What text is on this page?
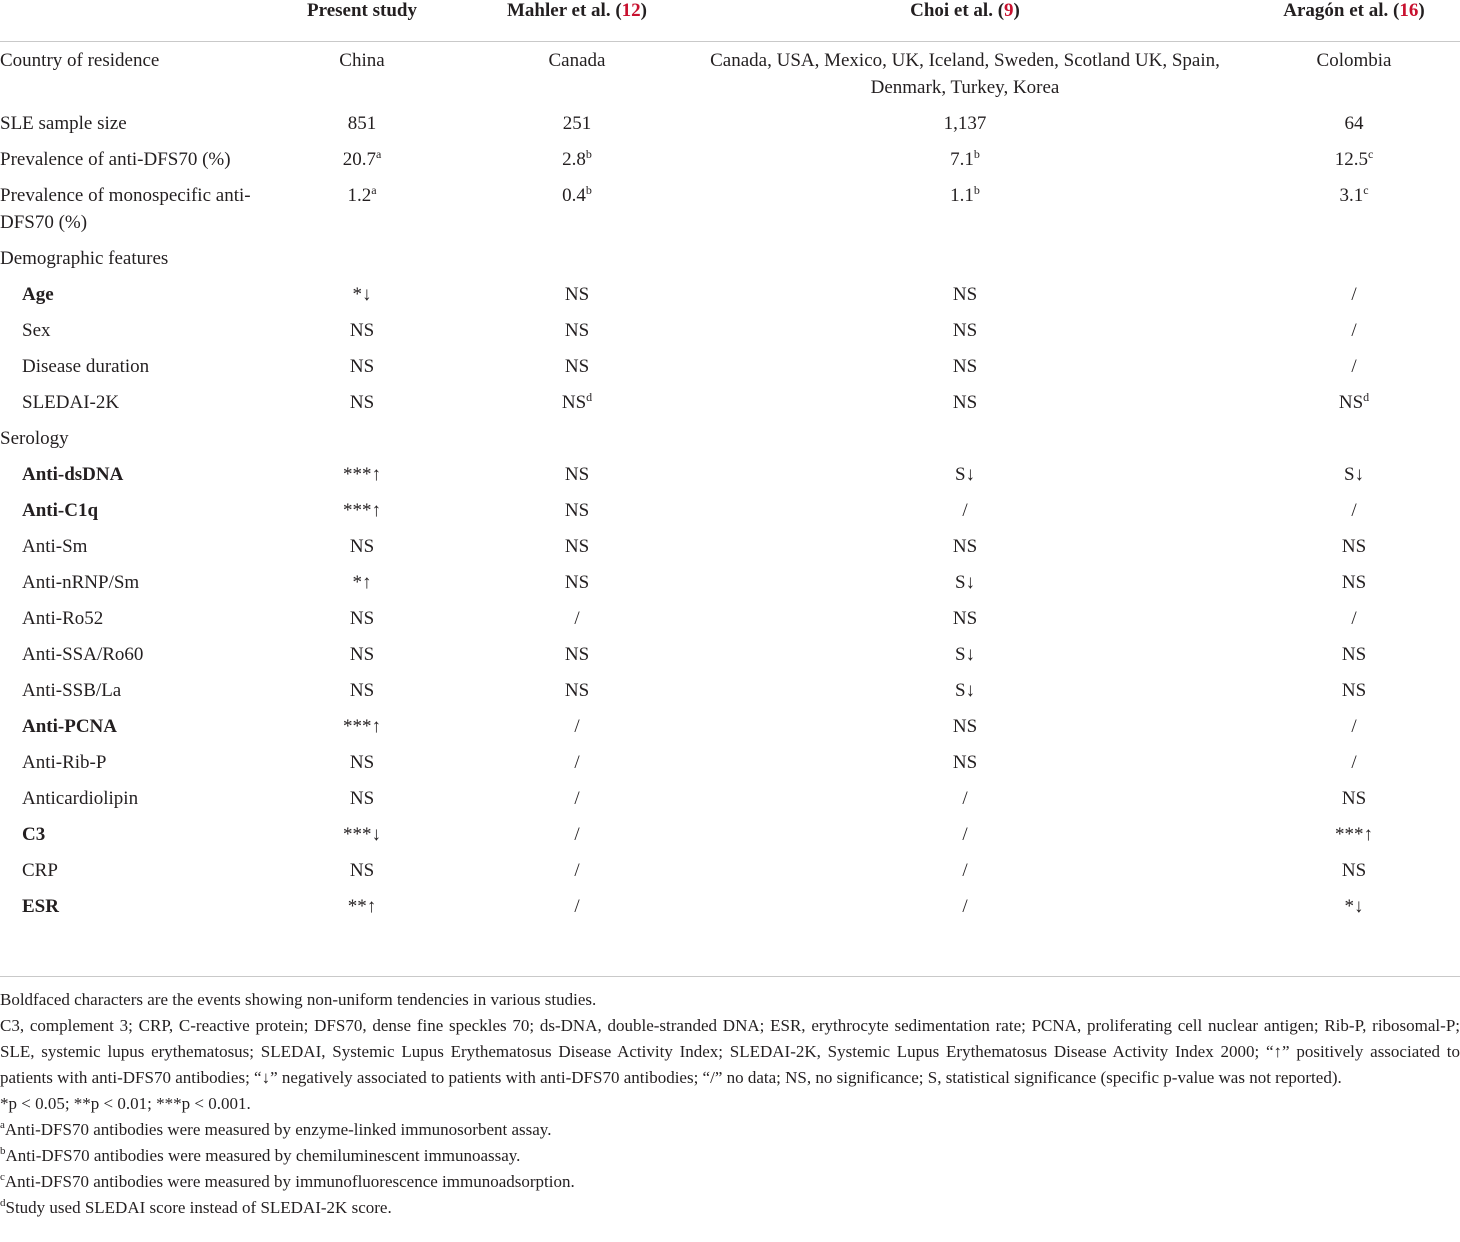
	Present study	Mahler et al. (12)	Choi et al. (9)	Aragón et al. (16)
Country of residence	China	Canada	Canada, USA, Mexico, UK, Iceland, Sweden, Scotland UK, Spain, Denmark, Turkey, Korea	Colombia
SLE sample size	851	251	1,137	64
Prevalence of anti-DFS70 (%)	20.7$^a$	2.8$^b$	7.1$^b$	12.5$^c$
Prevalence of monospecific anti-DFS70 (%)	1.2$^a$	0.4$^b$	1.1$^b$	3.1$^c$
Demographic features				
Age	*↓	NS	NS	/
Sex	NS	NS	NS	/
Disease duration	NS	NS	NS	/
SLEDAI-2K	NS	$NS^d$	NS	$NS^d$
Serology				
Anti-dsDNA	***↑	NS	S↓	S↓
Anti-C1q	***↑	NS	/	/
Anti-Sm	NS	NS	NS	NS
Anti-nRNP/Sm	*↑	NS	S↓	NS
Anti-Ro52	NS	/	NS	/
Anti-SSA/Ro60	NS	NS	S↓	NS
Anti-SSB/La	NS	NS	S↓	NS
Anti-PCNA	***↑	/	NS	/
Anti-Rib-P	NS	/	NS	/
Anticardiolipin	NS	/	/	NS
C3	***↓	/	/	***↑
CRP	NS	/	/	NS
ESR	**↑	/	/	*↓

Boldfaced characters are the events showing non-uniform tendencies in various studies.

C3, complement 3; CRP, C-reactive protein; DFS70, dense fine speckles 70; ds-DNA, double-stranded DNA; ESR, erythrocyte sedimentation rate; PCNA, proliferating cell nuclear antigen; Rib-P, ribosomal-P; SLE, systemic lupus erythematosus; SLEDAI, Systemic Lupus Erythematosus Disease Activity Index; SLEDAI-2K, Systemic Lupus Erythematosus Disease Activity Index 2000; “↑” positively associated to patients with anti-DFS70 antibodies; “↓” negatively associated to patients with anti-DFS70 antibodies; “/” no data; NS, no significance; S, statistical significance (specific p-value was not reported).

*p < 0.05; **p < 0.01; ***p < 0.001.

$^a$Anti-DFS70 antibodies were measured by enzyme-linked immunosorbent assay.

$^b$Anti-DFS70 antibodies were measured by chemiluminescent immunoassay.

$^c$Anti-DFS70 antibodies were measured by immunofluorescence immunoadsorption.

$^d$Study used SLEDAI score instead of SLEDAI-2K score.
